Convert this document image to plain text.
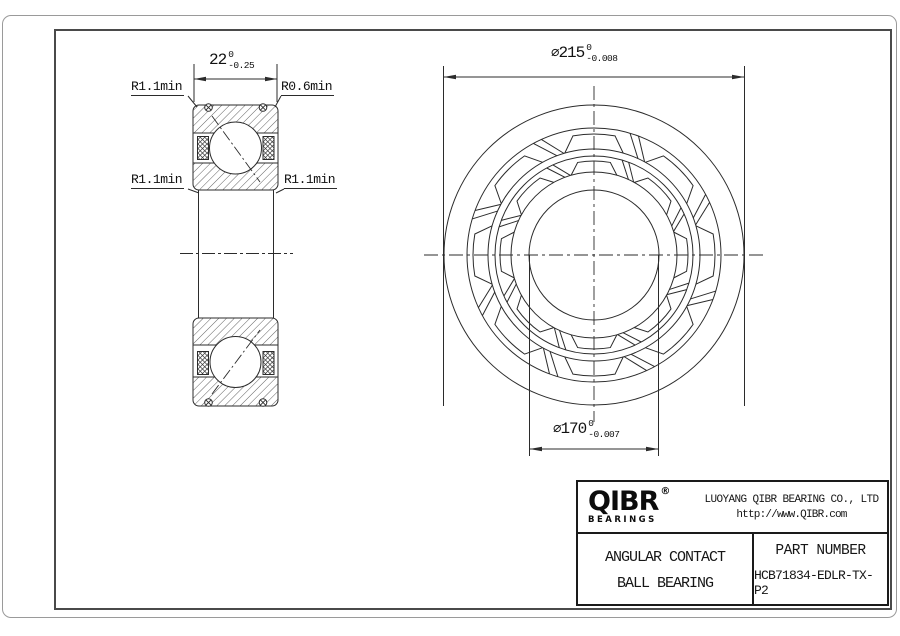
22 0
-0.25
⌀ 215 0
-0.008
⌀ 170 0
-0.007
R1.1min	R0.6min
R1.1min	R1.1min
QIBR ®
BEARINGS
LUOYANG QIBR BEARING CO., LTD
http://www.QIBR.com
ANGULAR CONTACT
BALL BEARING
PART NUMBER
HCB71834-EDLR-TX-P2
